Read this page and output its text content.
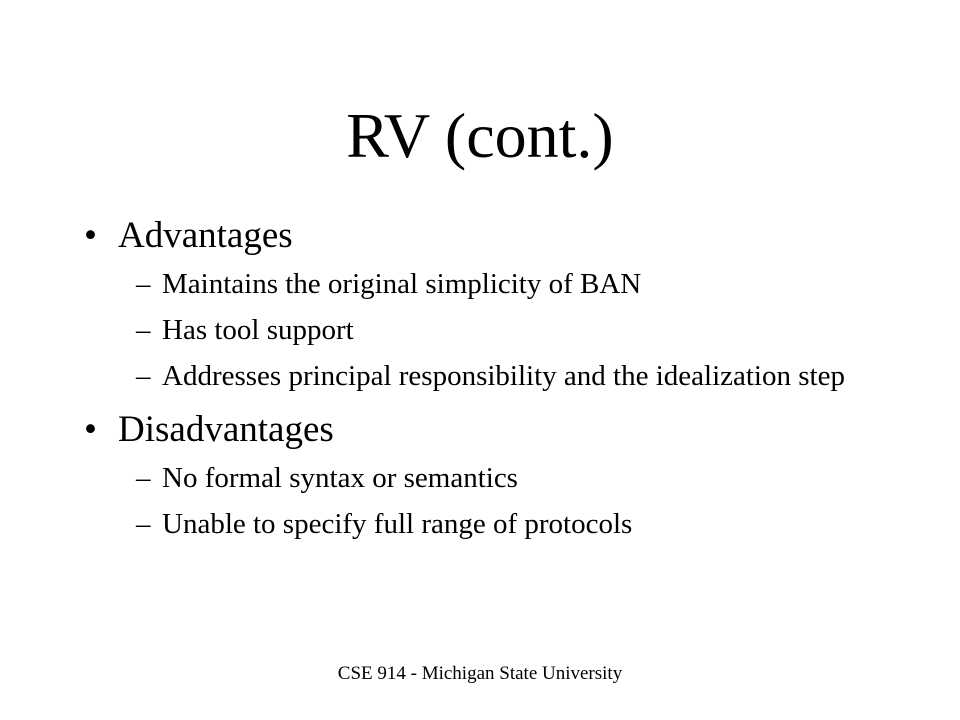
RV (cont.)
• Advantages
– Maintains the original simplicity of BAN
– Has tool support
– Addresses principal responsibility and the idealization step
• Disadvantages
– No formal syntax or semantics
– Unable to specify full range of protocols
CSE 914 - Michigan State University
